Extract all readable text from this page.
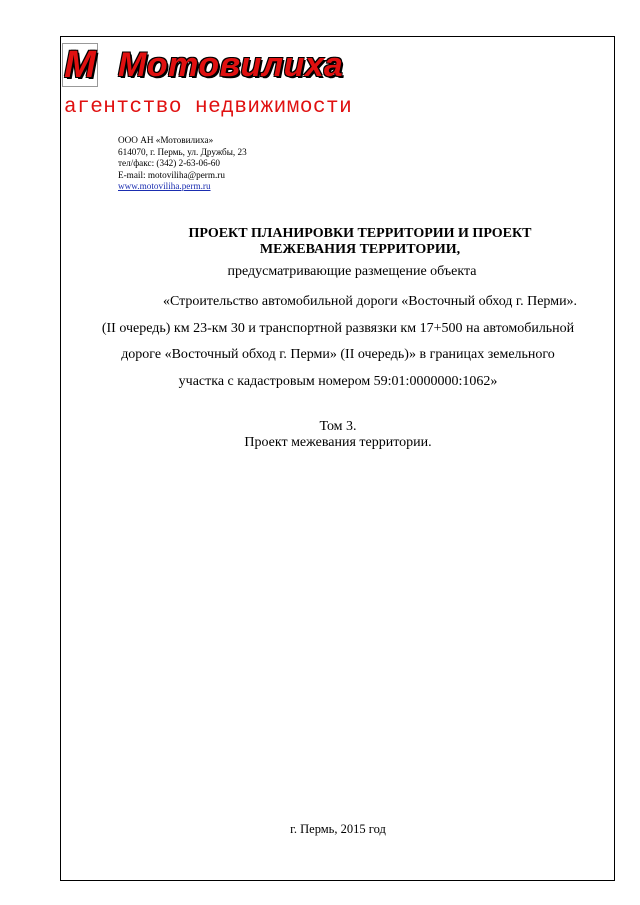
М Мотовилиха
агентство недвижимости
ООО АН «Мотовилиха»
614070, г. Пермь, ул. Дружбы, 23
тел/факс: (342) 2-63-06-60
E-mail: motoviliha@perm.ru
www.motoviliha.perm.ru
ПРОЕКТ ПЛАНИРОВКИ ТЕРРИТОРИИ И ПРОЕКТ
МЕЖЕВАНИЯ ТЕРРИТОРИИ,
предусматривающие размещение объекта
«Строительство автомобильной дороги «Восточный обход г. Перми».
(II очередь) км 23-км 30 и транспортной развязки км 17+500 на автомобильной
дороге «Восточный обход г. Перми» (II очередь)» в границах земельного
участка с кадастровым номером 59:01:0000000:1062»
Том 3.
Проект межевания территории.
г. Пермь, 2015 год
